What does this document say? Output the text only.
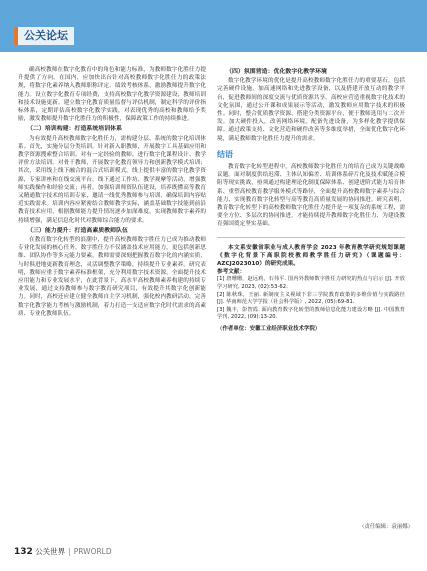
公关论坛

确高校教师在数字化教育中的角色和能力标准，为教师数字化胜任力提升提供了方向。在国内，应加快出台针对高校教师数字化胜任力的政策法规，将数字化素养纳入教师职称评定、绩效考核体系，激励教师提升数字化能力。设立数字化教育专项经费，支持高校数字化教学资源建设，教师培训和技术设施更新。建立数字化教育质量监督与评估机制，制定科学的评价指标体系，定期评估高校数字化教学实践，对表现优秀的高校和教师给予奖励，激发教师提升数字化胜任力的积极性，保障政策工作的持续推进。

（二）培训构建：打造系统培训体系

为有效提升高校教师数字化胜任力，需构建分层、系统的数字化培训体系。首先，实施分层分类培训。针对新入职教师，开展数字工具基础应用和教学资源搜索整合培训。对有一定经验的教师，进行数字化课程设计、教学评价方法培训。对骨干教师，开展数字化教育领导力和创新教学模式培训；其次，采用线上线下融合的混合式培训模式。线上提供丰富的数字化教学资源，专家讲座和在线交流平台。线下通过工作坊、教学观摩等活动，增强教师实践操作和经验交流；再者，加强培训师资队伍建设，培养既懂高等教育又精通数字技术的培训专家，邀请一线优秀教师参与培训，确保培训内容贴近实践需求。培训内容应紧密结合教师教学实际，涵盖基础数字技能到前沿教育技术应用，根据教师能力提升情况逐步加深难度，实现教师数字素养的持续增强，满足信息化时代对教师综合能力的要求。

（三）能力提升：打造高素质教师队伍

在教育数字化转型的浪潮中，提升高校教师数字胜任力已成为推动教师专业化发展的核心任务。数字胜任力不仅涵盖技术应用能力，更包括创新思维、团队协作等多元能力要素。教师需要深刻把握教育数字化的内涵实质，与时俱进地更新教育理念，灵活调整教学策略，持续提升专业素养。研究表明，教师应重于数字素养标准框架，充分利用数字技术资源，全面提升技术应用能力和专业发展水平，在此背景下，高水平高校教师素养构建的持续专业发展，通过支持教师参与数字教育研究项目，有效提升其数字化创新能力。同时，高校还应建立健全教师自主学习机制，强化校内教研活动，完善数字化教学能力考核与激励机制，着力打造一支适应数字化时代需求的高素质、专业化教师队伍。

（四）氛围营造：优化数字化教学环境

数字化教学环境的优化是提升高校教师数字化胜任力的重要基石。包括完善硬件设施，加高速网络和先进教学设备，以及搭建开放互动的教学平台，促进教师间的深度交流与优质资源共享。高校应营造重视数字化技术的文化氛围，通过公开课和成果展示等活动，激发教师应用数字技术的积极性。同时，整合优质教学资源，搭建分类资源平台，便于教师选用与二次开发。加大硬件投入，改善网络环境，配备先进设备，为多样化教学提供保障。通过政策支持、文化营造和硬件改善等多维度举措，全面优化数字化环境，满足教师数字化胜任力提升的需求。

结语

教育数字化转型进程中，高校教师数字化胜任力的培育已成为关键战略议题。面对制度供给迟滞、主体认知偏差、培训体系碎片化及技术赋能合模阻等现实挑战，亟须通过构建理论化制度保障体系、创建进阶式能力培育体系、重塑高校教育教学服务模式等路径，全面提升高校教师数字素养与综合能力，实现教育数字化转型与高等教育高质量发展的协同推进。研究表明，教育数字化转型下的高校教师数字化胜任力提升是一项复杂的系统工程，需要全方位、多层次的协同推进，才能持续提升教师数字化胜任力，为建设教育强国奠定坚实基础。

本文系安徽省职业与成人教育学会 2023 年教育教学研究规划课题《数字化背景下高职院校教师教学胜任力研究》（课题编号：AZCJ2023010）的研究成果。

参考文献：

[1] 唐珊珊，赵远莉，石伟平. 国内外教师数字胜任力研究的热点与启示 [J]. 开放学习研究, 2023, (02):53-62.

[2] 陈秋珠，王丽. 新制度主义视域下非三学院教育政策的多维价值与实践路径 [J]. 华南师范大学学报（社会科学版）, 2022, (05):69-81.

[3] 魏丰，彭智霞. 面向教育数字化转型的教师信息化能力建设方略 [J]. 中国教育学刊, 2022, (09):13-20.

（作者单位：安徽工业经济职业技术学院）

（责任编辑：袁丽娜）
132 公关世界 | PRWORLD
